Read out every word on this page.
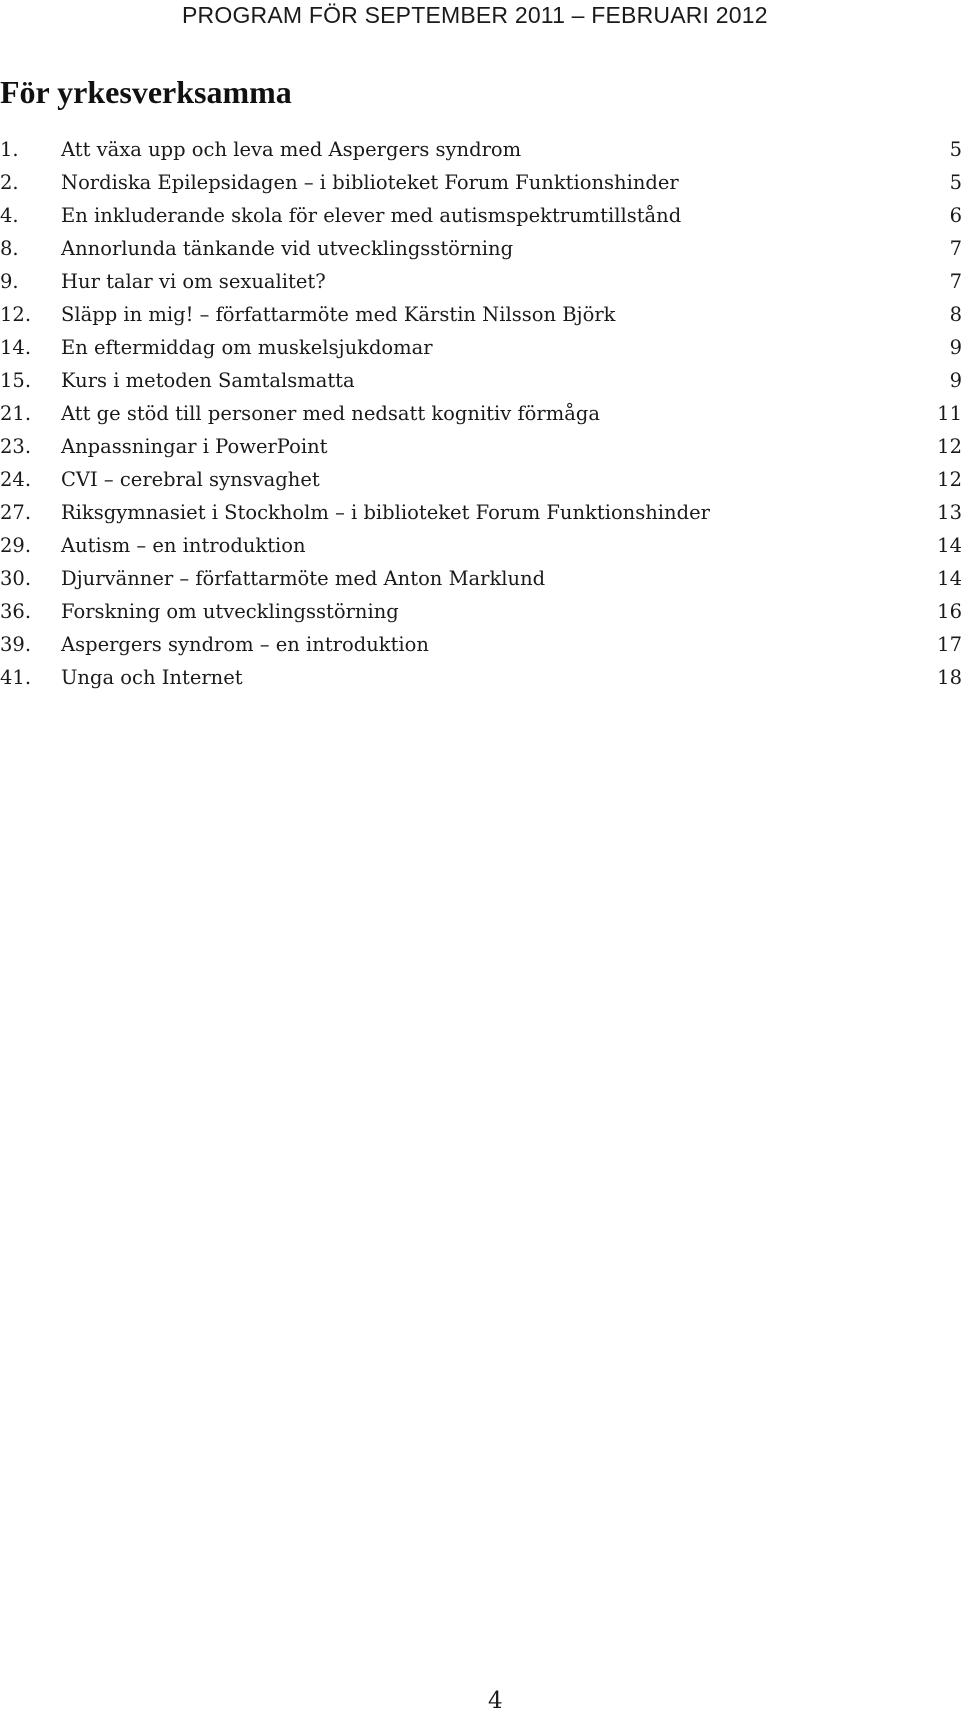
PROGRAM FÖR SEPTEMBER 2011 – FEBRUARI 2012
För yrkesverksamma
1. Att växa upp och leva med Aspergers syndrom	5
2. Nordiska Epilepsidagen – i biblioteket Forum Funktionshinder	5
4. En inkluderande skola för elever med autismspektrumtillstånd	6
8. Annorlunda tänkande vid utvecklingsstörning	7
9. Hur talar vi om sexualitet?	7
12. Släpp in mig! – författarmöte med Kärstin Nilsson Björk	8
14. En eftermiddag om muskelsjukdomar	9
15. Kurs i metoden Samtalsmatta	9
21. Att ge stöd till personer med nedsatt kognitiv förmåga	11
23. Anpassningar i PowerPoint	12
24. CVI – cerebral synsvaghet	12
27. Riksgymnasiet i Stockholm – i biblioteket Forum Funktionshinder	13
29. Autism – en introduktion	14
30. Djurvänner – författarmöte med Anton Marklund	14
36. Forskning om utvecklingsstörning	16
39. Aspergers syndrom – en introduktion	17
41. Unga och Internet	18
4
